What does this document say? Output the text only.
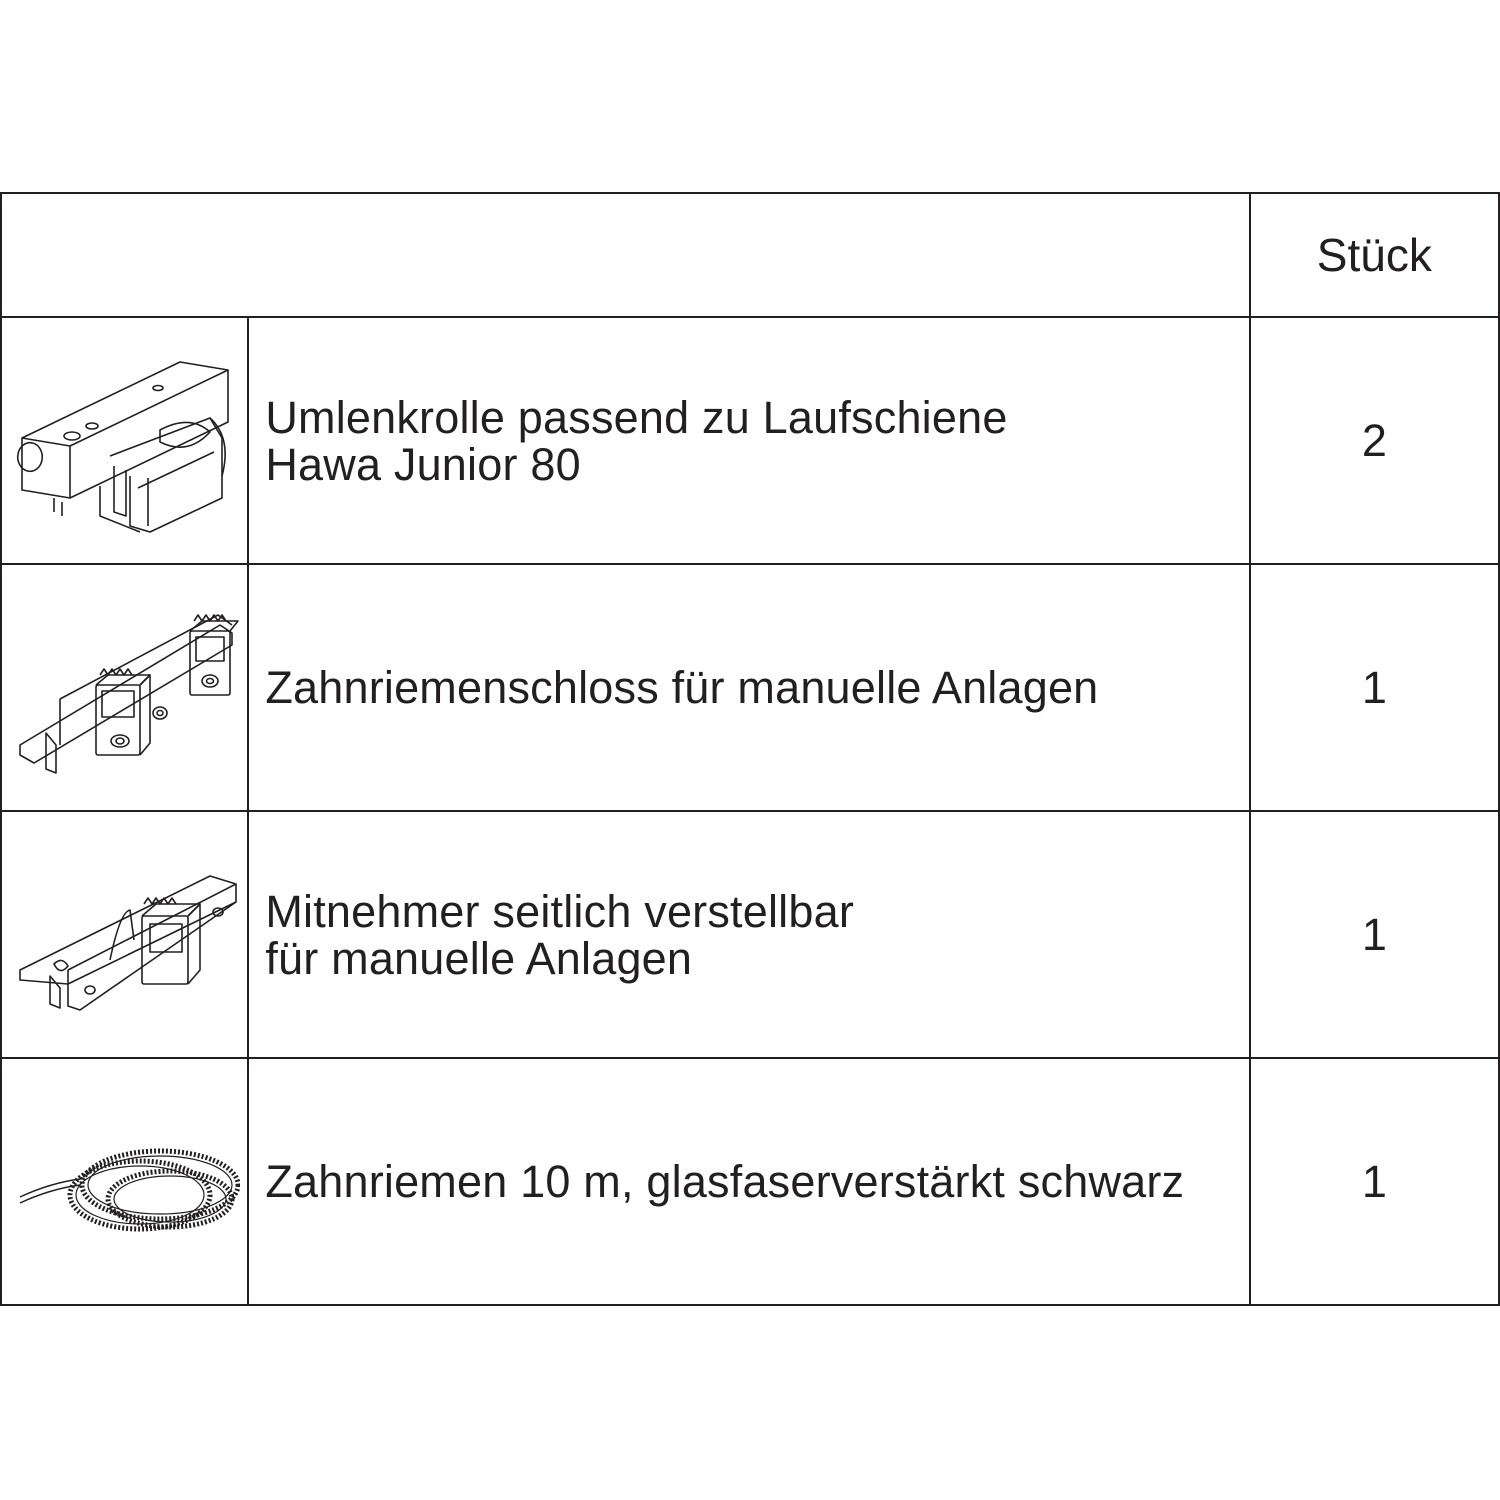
		Stück

Umlenkrolle passend zu Laufschiene
Hawa Junior 80	2

Zahnriemenschloss für manuelle Anlagen	1

Mitnehmer seitlich verstellbar
für manuelle Anlagen	1

Zahnriemen 10 m, glasfaserverstärkt schwarz	1
